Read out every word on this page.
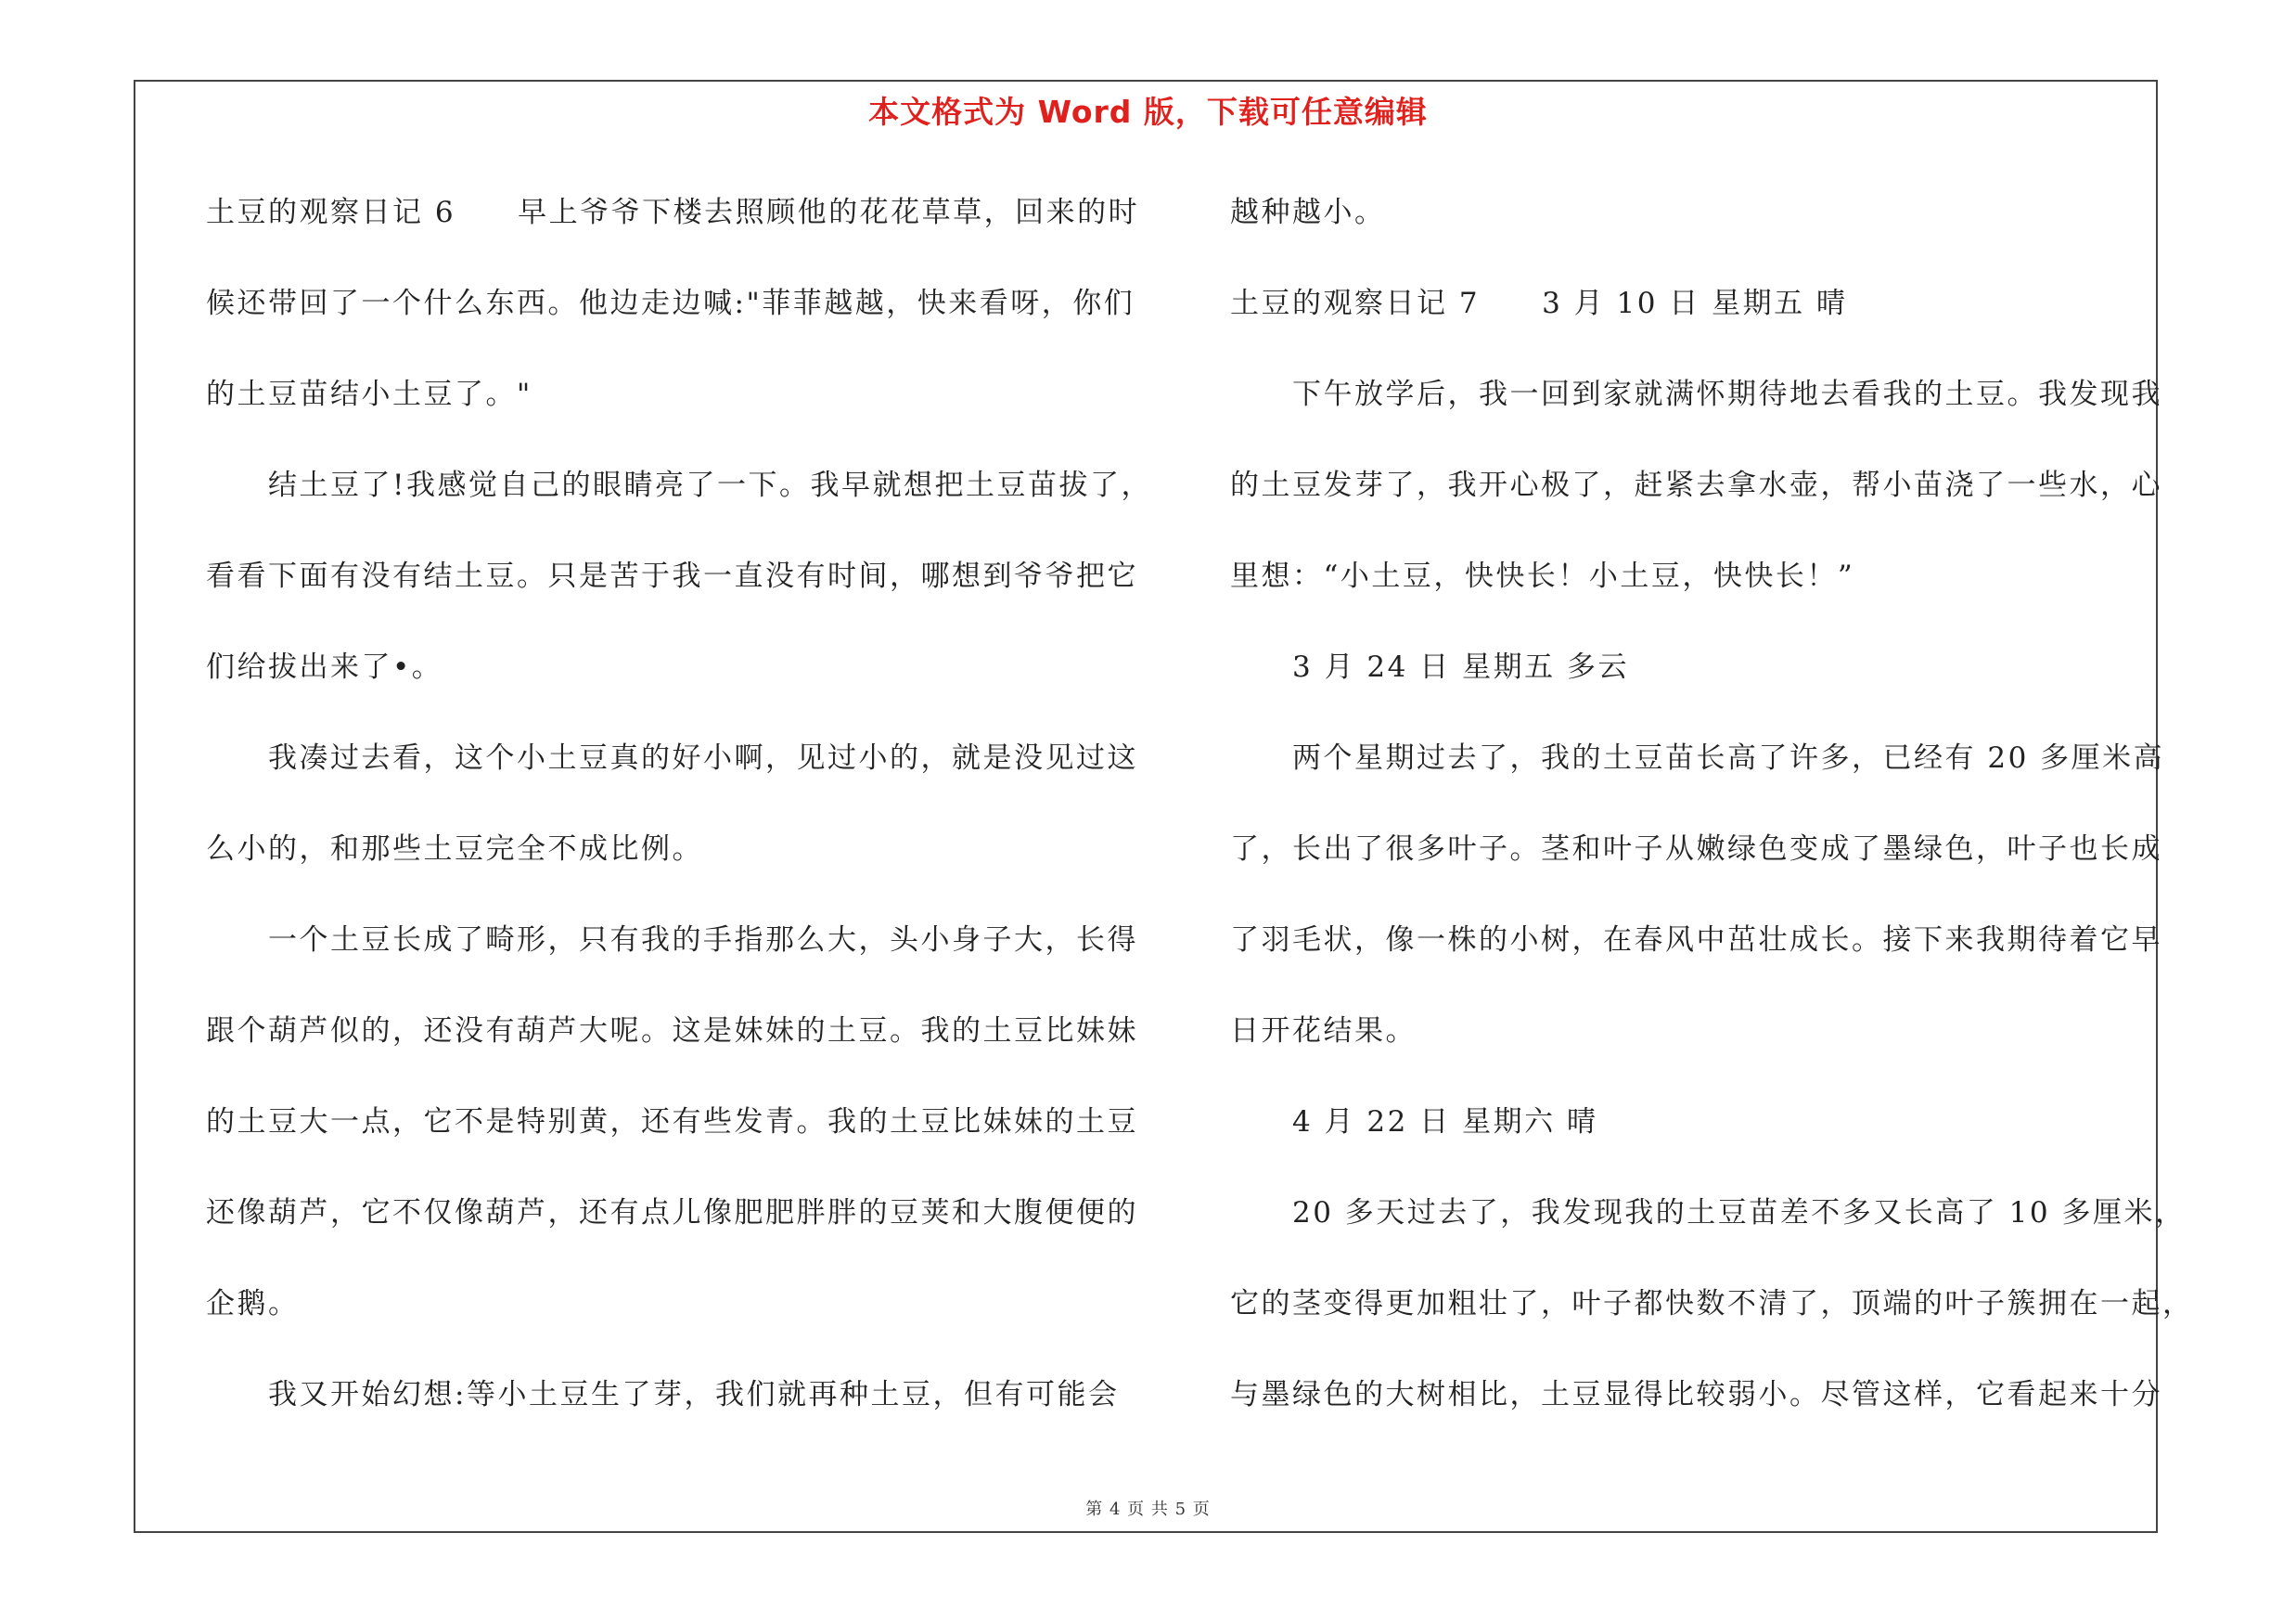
本文格式为 Word 版，下载可任意编辑
土豆的观察日记 6　　早上爷爷下楼去照顾他的花花草草，回来的时
候还带回了一个什么东西。他边走边喊:"菲菲越越，快来看呀，你们
的土豆苗结小土豆了。"
　　结土豆了!我感觉自己的眼睛亮了一下。我早就想把土豆苗拔了，
看看下面有没有结土豆。只是苦于我一直没有时间，哪想到爷爷把它
们给拔出来了•。
　　我凑过去看，这个小土豆真的好小啊，见过小的，就是没见过这
么小的，和那些土豆完全不成比例。
　　一个土豆长成了畸形，只有我的手指那么大，头小身子大，长得
跟个葫芦似的，还没有葫芦大呢。这是妹妹的土豆。我的土豆比妹妹
的土豆大一点，它不是特别黄，还有些发青。我的土豆比妹妹的土豆
还像葫芦，它不仅像葫芦，还有点儿像肥肥胖胖的豆荚和大腹便便的
企鹅。
　　我又开始幻想:等小土豆生了芽，我们就再种土豆，但有可能会
越种越小。
土豆的观察日记 7　　3 月 10 日 星期五 晴
　　下午放学后，我一回到家就满怀期待地去看我的土豆。我发现我
的土豆发芽了，我开心极了，赶紧去拿水壶，帮小苗浇了一些水，心
里想：“小土豆，快快长！小土豆，快快长！”
　　3 月 24 日 星期五 多云
　　两个星期过去了，我的土豆苗长高了许多，已经有 20 多厘米高
了，长出了很多叶子。茎和叶子从嫩绿色变成了墨绿色，叶子也长成
了羽毛状，像一株的小树，在春风中茁壮成长。接下来我期待着它早
日开花结果。
　　4 月 22 日 星期六 晴
　　20 多天过去了，我发现我的土豆苗差不多又长高了 10 多厘米，
它的茎变得更加粗壮了，叶子都快数不清了，顶端的叶子簇拥在一起，
与墨绿色的大树相比，土豆显得比较弱小。尽管这样，它看起来十分
第 4 页 共 5 页
